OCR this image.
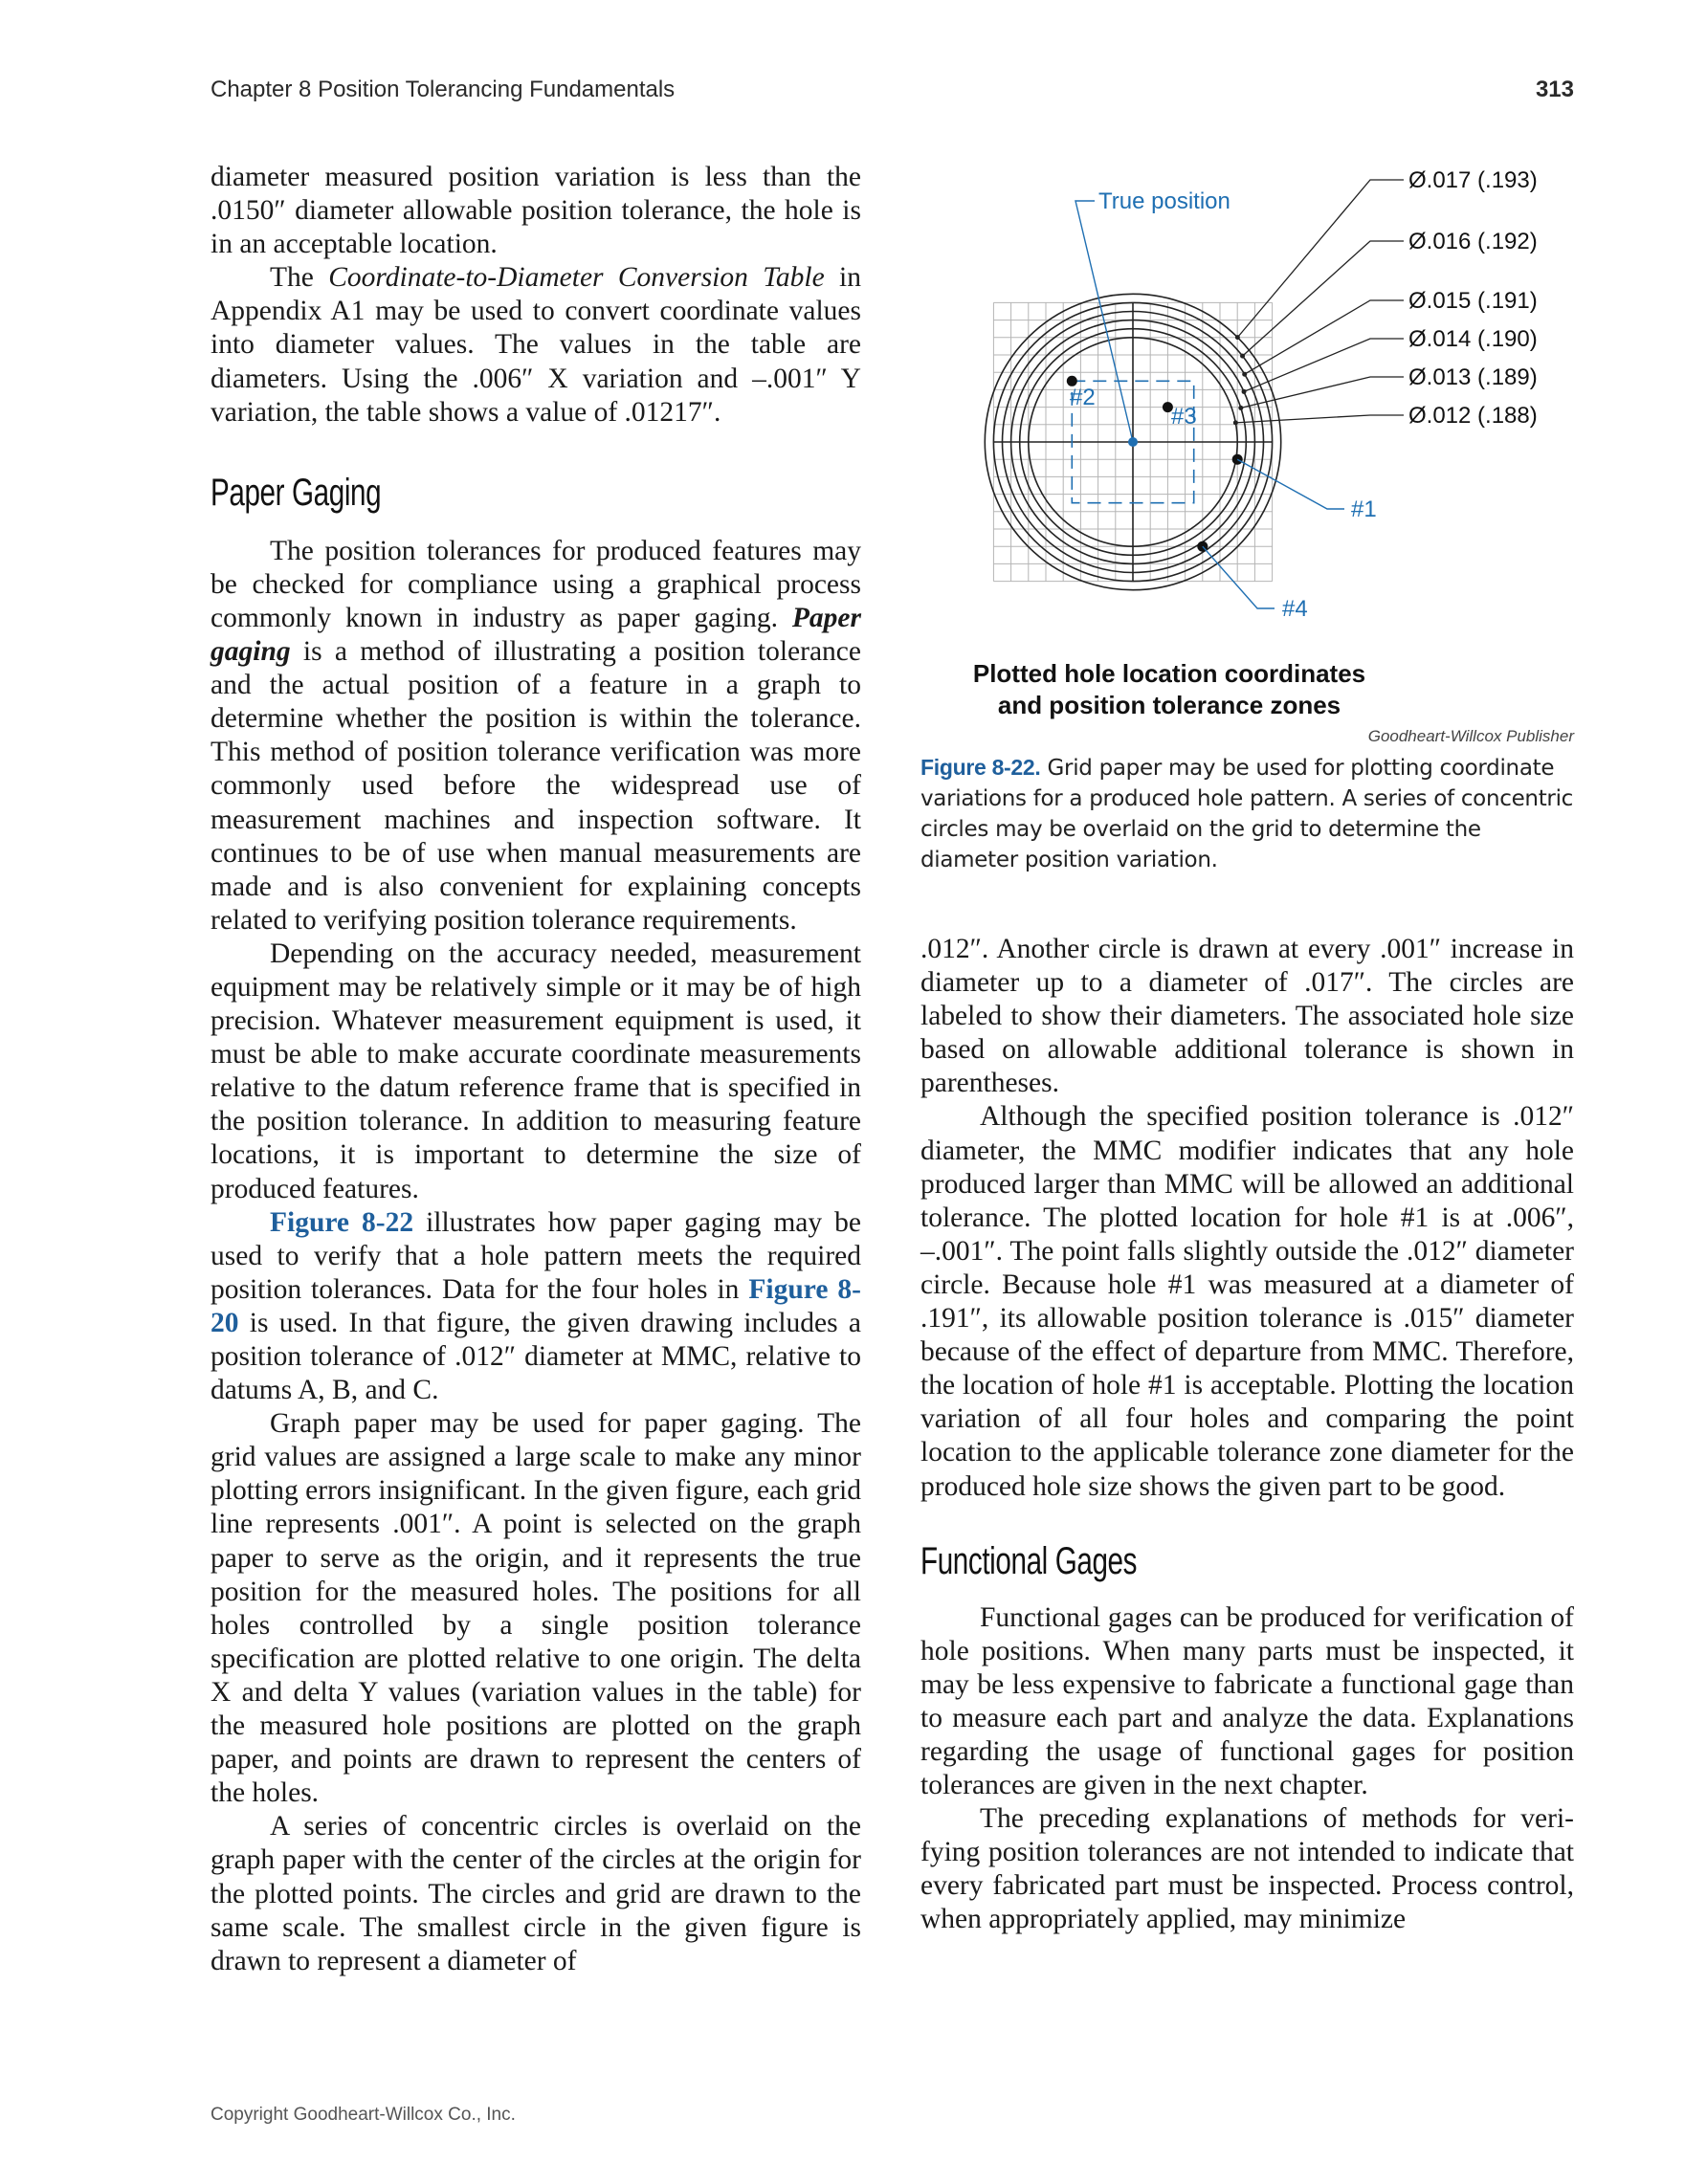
Chapter 8 Position Tolerancing Fundamentals	313

diameter measured position variation is less than the .0150″ diameter allowable position tolerance, the hole is in an acceptable location.

The Coordinate-to-Diameter Conversion Table in Appendix A1 may be used to convert coordinate values into diameter values. The values in the table are diameters. Using the .006″ X variation and –.001″ Y variation, the table shows a value of .01217″.

Paper Gaging

The position tolerances for produced features may be checked for compliance using a graphical process commonly known in industry as paper gaging. Paper gaging is a method of illustrating a position tolerance and the actual position of a feature in a graph to determine whether the position is within the tolerance. This method of position tolerance verification was more commonly used before the widespread use of measurement machines and inspection software. It continues to be of use when manual measurements are made and is also convenient for explaining concepts related to verifying position tolerance requirements.

Depending on the accuracy needed, measurement equipment may be relatively simple or it may be of high precision. Whatever measurement equipment is used, it must be able to make accurate coordinate measurements relative to the datum reference frame that is specified in the position tolerance. In addition to measuring feature locations, it is important to determine the size of produced features.

Figure 8-22 illustrates how paper gaging may be used to verify that a hole pattern meets the required position tolerances. Data for the four holes in Figure 8-20 is used. In that figure, the given drawing includes a position tolerance of .012″ diameter at MMC, relative to datums A, B, and C.

Graph paper may be used for paper gaging. The grid values are assigned a large scale to make any minor plotting errors insignificant. In the given figure, each grid line represents .001″. A point is selected on the graph paper to serve as the origin, and it represents the true position for the measured holes. The positions for all holes controlled by a single position tolerance specification are plotted relative to one origin. The delta X and delta Y values (variation values in the table) for the measured hole positions are plotted on the graph paper, and points are drawn to represent the centers of the holes.

A series of concentric circles is overlaid on the graph paper with the center of the circles at the origin for the plotted points. The circles and grid are drawn to the same scale. The smallest circle in the given figure is drawn to represent a diameter of

True position
Ø.017 (.193)
Ø.016 (.192)
Ø.015 (.191)
Ø.014 (.190)
Ø.013 (.189)
Ø.012 (.188)
#1
#2
#3
#4
Plotted hole location coordinates
and position tolerance zones
Goodheart-Willcox Publisher
Figure 8-22. Grid paper may be used for plotting coordinate variations for a produced hole pattern. A series of concentric circles may be overlaid on the grid to determine the diameter position variation.

.012″. Another circle is drawn at every .001″ increase in diameter up to a diameter of .017″. The circles are labeled to show their diameters. The associated hole size based on allowable additional tolerance is shown in parentheses.

Although the specified position tolerance is .012″ diameter, the MMC modifier indicates that any hole produced larger than MMC will be allowed an additional tolerance. The plotted location for hole #1 is at .006″, –.001″. The point falls slightly outside the .012″ diameter circle. Because hole #1 was measured at a diameter of .191″, its allowable position tolerance is .015″ diameter because of the effect of departure from MMC. Therefore, the location of hole #1 is acceptable. Plotting the location variation of all four holes and comparing the point location to the applicable tolerance zone diameter for the produced hole size shows the given part to be good.

Functional Gages

Functional gages can be produced for verification of hole positions. When many parts must be inspected, it may be less expensive to fabricate a functional gage than to measure each part and analyze the data. Explanations regarding the usage of functional gages for position tolerances are given in the next chapter.

The preceding explanations of methods for verifying position tolerances are not intended to indicate that every fabricated part must be inspected. Process control, when appropriately applied, may minimize

Copyright Goodheart-Willcox Co., Inc.
